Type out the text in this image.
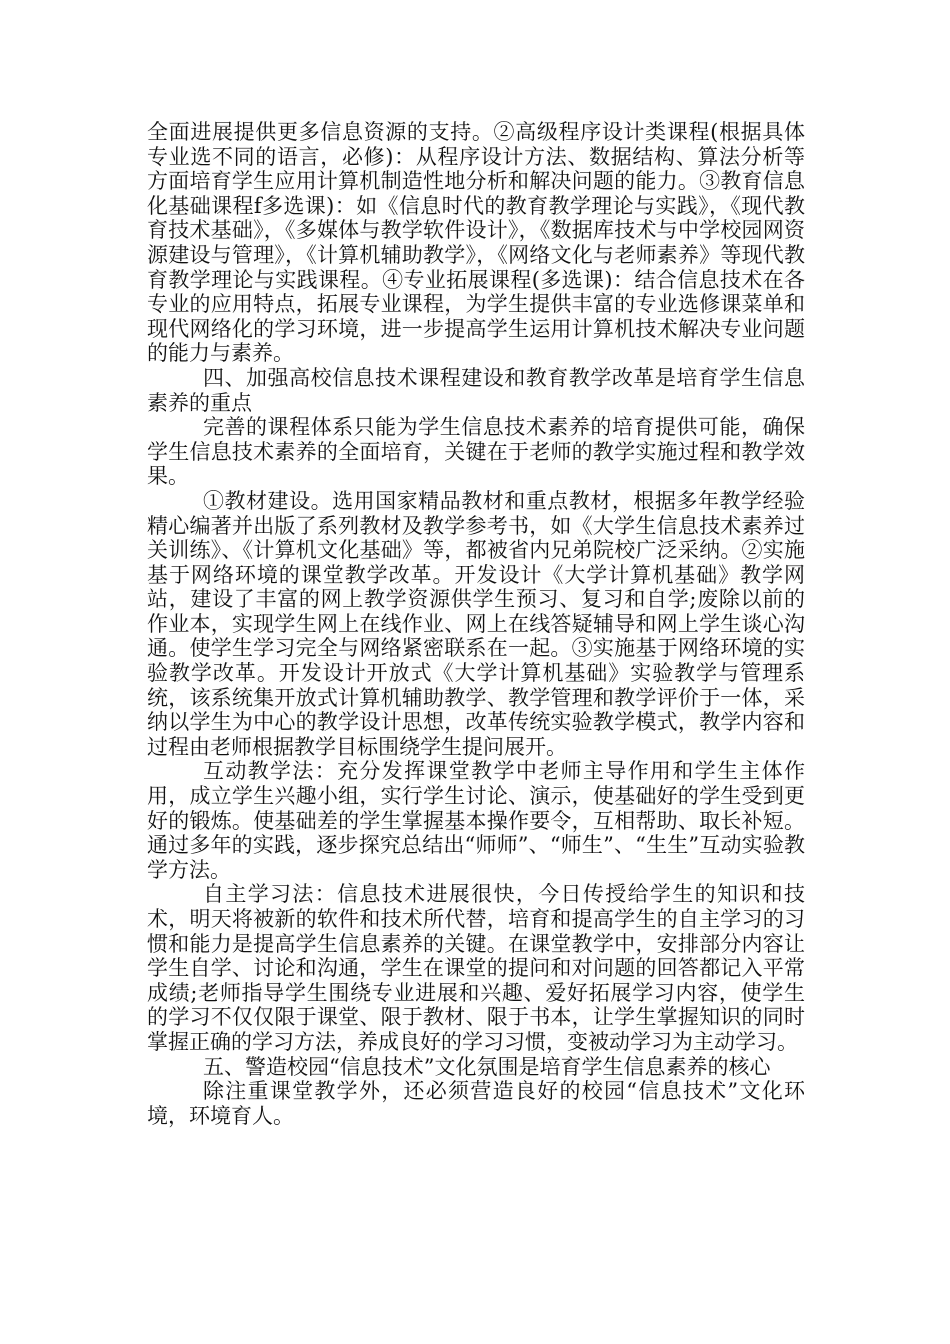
全面进展提供更多信息资源的支持。②高级程序设计类课程(根据具体专业选不同的语言，必修)：从程序设计方法、数据结构、算法分析等方面培育学生应用计算机制造性地分析和解决问题的能力。③教育信息化基础课程f多选课)：如《信息时代的教育教学理论与实践》，《现代教育技术基础》，《多媒体与教学软件设计》，《数据库技术与中学校园网资源建设与管理》，《计算机辅助教学》，《网络文化与老师素养》等现代教育教学理论与实践课程。④专业拓展课程(多选课)：结合信息技术在各专业的应用特点，拓展专业课程，为学生提供丰富的专业选修课菜单和现代网络化的学习环境，进一步提高学生运用计算机技术解决专业问题的能力与素养。

四、加强高校信息技术课程建设和教育教学改革是培育学生信息素养的重点

完善的课程体系只能为学生信息技术素养的培育提供可能，确保学生信息技术素养的全面培育，关键在于老师的教学实施过程和教学效果。

①教材建设。选用国家精品教材和重点教材，根据多年教学经验精心编著并出版了系列教材及教学参考书，如《大学生信息技术素养过关训练》、《计算机文化基础》等，都被省内兄弟院校广泛采纳。②实施基于网络环境的课堂教学改革。开发设计《大学计算机基础》教学网站，建设了丰富的网上教学资源供学生预习、复习和自学;废除以前的作业本，实现学生网上在线作业、网上在线答疑辅导和网上学生谈心沟通。使学生学习完全与网络紧密联系在一起。③实施基于网络环境的实验教学改革。开发设计开放式《大学计算机基础》实验教学与管理系统，该系统集开放式计算机辅助教学、教学管理和教学评价于一体，采纳以学生为中心的教学设计思想，改革传统实验教学模式，教学内容和过程由老师根据教学目标围绕学生提问展开。

互动教学法：充分发挥课堂教学中老师主导作用和学生主体作用，成立学生兴趣小组，实行学生讨论、演示，使基础好的学生受到更好的锻炼。使基础差的学生掌握基本操作要令，互相帮助、取长补短。通过多年的实践，逐步探究总结出“师师”、“师生”、“生生”互动实验教学方法。

自主学习法：信息技术进展很快，今日传授给学生的知识和技术，明天将被新的软件和技术所代替，培育和提高学生的自主学习的习惯和能力是提高学生信息素养的关键。在课堂教学中，安排部分内容让学生自学、讨论和沟通，学生在课堂的提问和对问题的回答都记入平常成绩;老师指导学生围绕专业进展和兴趣、爱好拓展学习内容，使学生的学习不仅仅限于课堂、限于教材、限于书本，让学生掌握知识的同时掌握正确的学习方法，养成良好的学习习惯，变被动学习为主动学习。

五、警造校园“信息技术”文化氛围是培育学生信息素养的核心

除注重课堂教学外，还必须营造良好的校园“信息技术”文化环境，环境育人。
